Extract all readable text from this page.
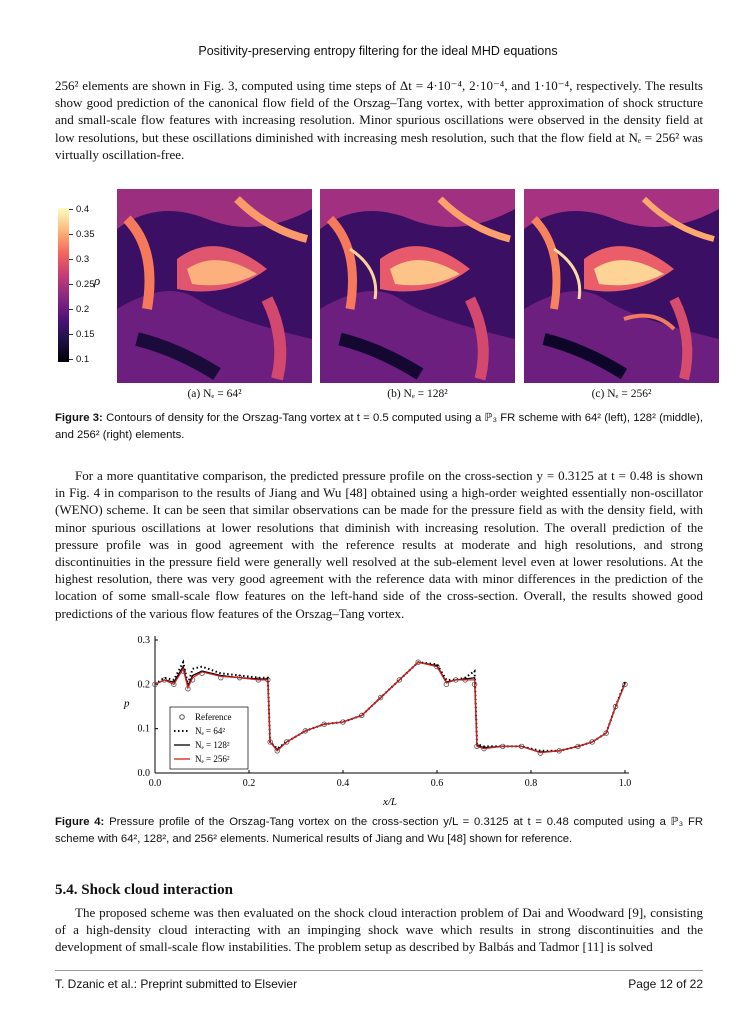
Positivity-preserving entropy filtering for the ideal MHD equations

256² elements are shown in Fig. 3, computed using time steps of Δt = 4·10⁻⁴, 2·10⁻⁴, and 1·10⁻⁴, respectively. The results show good prediction of the canonical flow field of the Orszag–Tang vortex, with better approximation of shock structure and small-scale flow features with increasing resolution. Minor spurious oscillations were observed in the density field at low resolutions, but these oscillations diminished with increasing mesh resolution, such that the flow field at Nₑ = 256² was virtually oscillation-free.

0.4
0.35
0.3
0.25
0.2
0.15
0.1
ρ
(a) Nₑ = 64²	(b) Nₑ = 128²	(c) Nₑ = 256²

Figure 3: Contours of density for the Orszag-Tang vortex at t = 0.5 computed using a ℙ₃ FR scheme with 64² (left), 128² (middle), and 256² (right) elements.

For a more quantitative comparison, the predicted pressure profile on the cross-section y = 0.3125 at t = 0.48 is shown in Fig. 4 in comparison to the results of Jiang and Wu [48] obtained using a high-order weighted essentially non-oscillator (WENO) scheme. It can be seen that similar observations can be made for the pressure field as with the density field, with minor spurious oscillations at lower resolutions that diminish with increasing resolution. The overall prediction of the pressure profile was in good agreement with the reference results at moderate and high resolutions, and strong discontinuities in the pressure field were generally well resolved at the sub-element level even at lower resolutions. At the highest resolution, there was very good agreement with the reference data with minor differences in the prediction of the location of some small-scale flow features on the left-hand side of the cross-section. Overall, the results showed good predictions of the various flow features of the Orszag–Tang vortex.

0.0	0.2	0.4	0.6	0.8	1.0
0.0
0.1
0.2
0.3
x/L
p
Reference
Nₑ = 64²
Nₑ = 128²
Nₑ = 256²

Figure 4: Pressure profile of the Orszag-Tang vortex on the cross-section y/L = 0.3125 at t = 0.48 computed using a ℙ₃ FR scheme with 64², 128², and 256² elements. Numerical results of Jiang and Wu [48] shown for reference.

5.4. Shock cloud interaction

The proposed scheme was then evaluated on the shock cloud interaction problem of Dai and Woodward [9], consisting of a high-density cloud interacting with an impinging shock wave which results in strong discontinuities and the development of small-scale flow instabilities. The problem setup as described by Balbás and Tadmor [11] is solved

T. Dzanic et al.: Preprint submitted to Elsevier	Page 12 of 22
